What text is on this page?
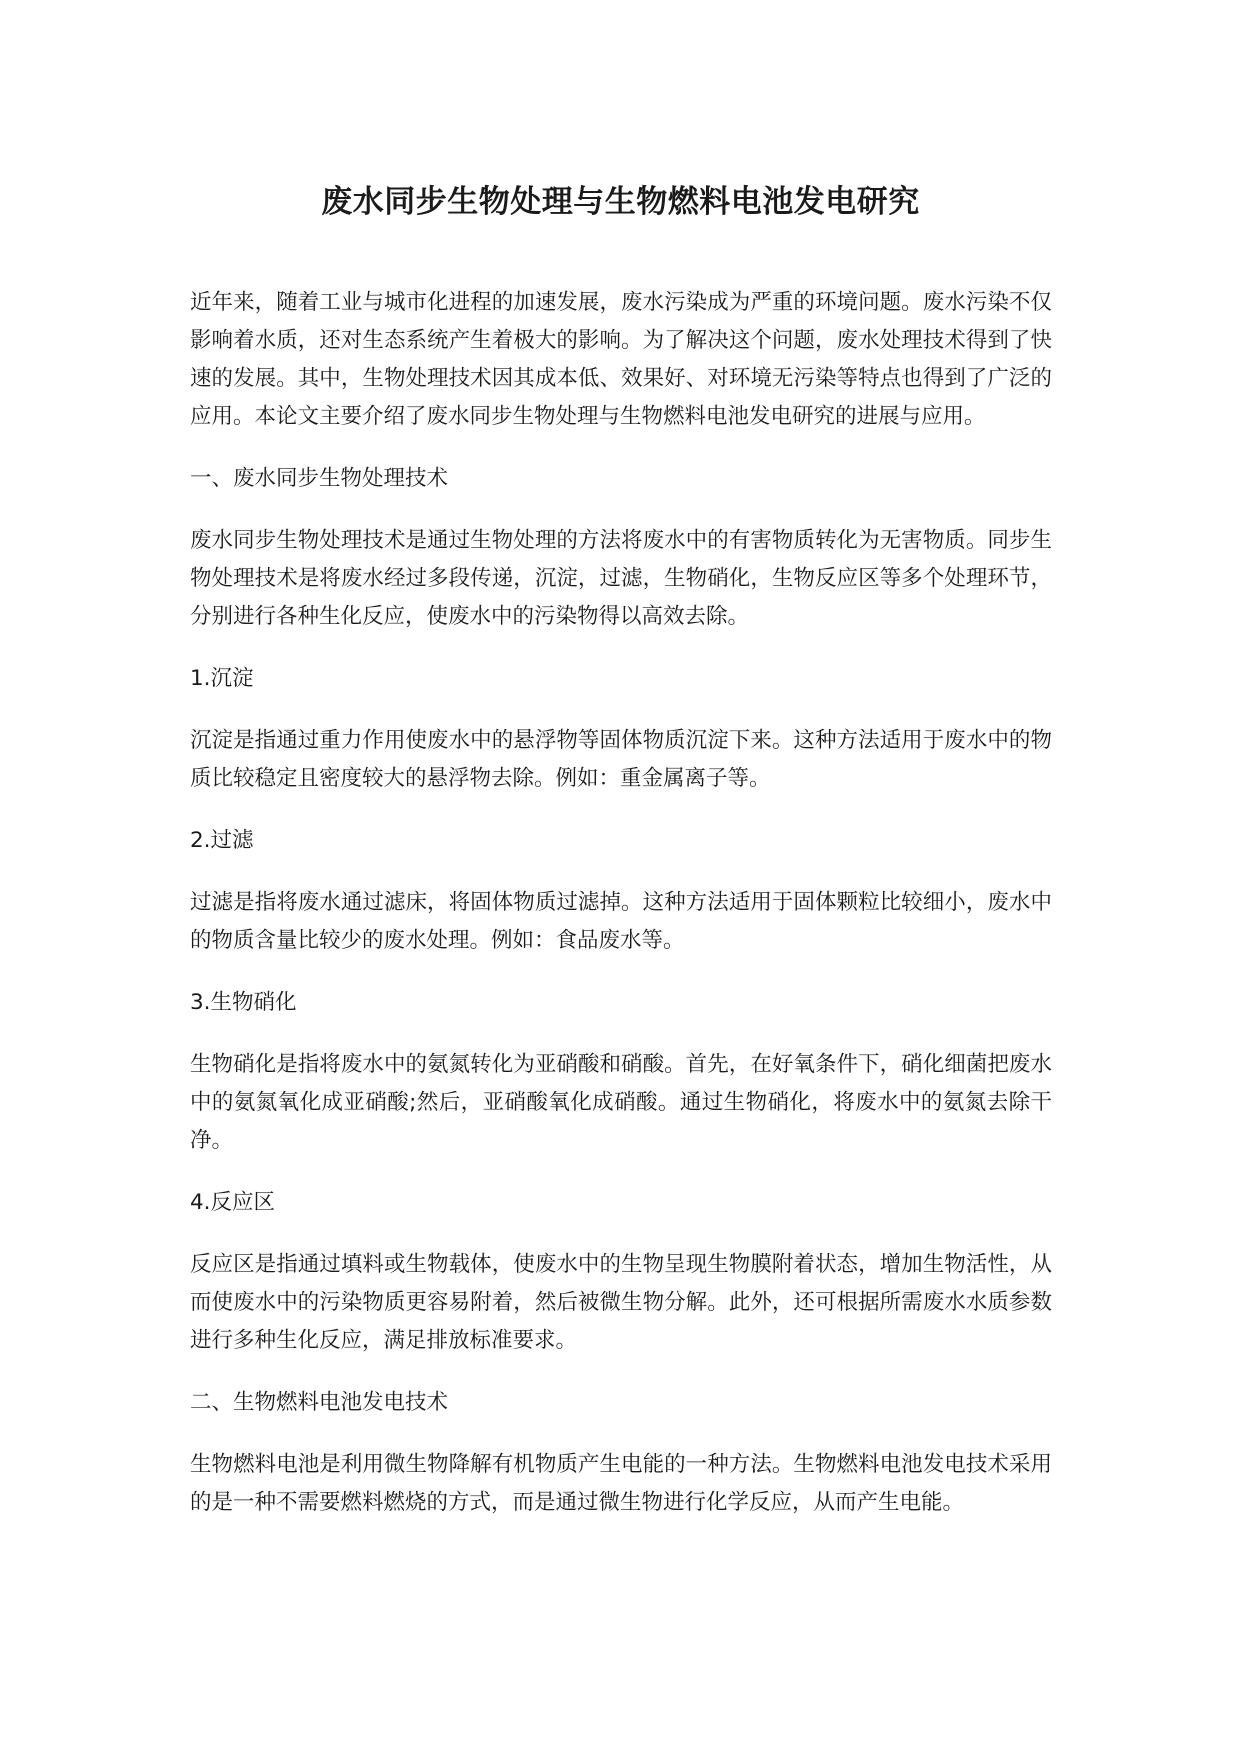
废水同步生物处理与生物燃料电池发电研究

近年来，随着工业与城市化进程的加速发展，废水污染成为严重的环境问题。废水污染不仅影响着水质，还对生态系统产生着极大的影响。为了解决这个问题，废水处理技术得到了快速的发展。其中，生物处理技术因其成本低、效果好、对环境无污染等特点也得到了广泛的应用。本论文主要介绍了废水同步生物处理与生物燃料电池发电研究的进展与应用。

一、废水同步生物处理技术

废水同步生物处理技术是通过生物处理的方法将废水中的有害物质转化为无害物质。同步生物处理技术是将废水经过多段传递，沉淀，过滤，生物硝化，生物反应区等多个处理环节，分别进行各种生化反应，使废水中的污染物得以高效去除。

1.沉淀

沉淀是指通过重力作用使废水中的悬浮物等固体物质沉淀下来。这种方法适用于废水中的物质比较稳定且密度较大的悬浮物去除。例如：重金属离子等。

2.过滤

过滤是指将废水通过滤床，将固体物质过滤掉。这种方法适用于固体颗粒比较细小，废水中的物质含量比较少的废水处理。例如：食品废水等。

3.生物硝化

生物硝化是指将废水中的氨氮转化为亚硝酸和硝酸。首先，在好氧条件下，硝化细菌把废水中的氨氮氧化成亚硝酸;然后，亚硝酸氧化成硝酸。通过生物硝化，将废水中的氨氮去除干净。

4.反应区

反应区是指通过填料或生物载体，使废水中的生物呈现生物膜附着状态，增加生物活性，从而使废水中的污染物质更容易附着，然后被微生物分解。此外，还可根据所需废水水质参数进行多种生化反应，满足排放标准要求。

二、生物燃料电池发电技术

生物燃料电池是利用微生物降解有机物质产生电能的一种方法。生物燃料电池发电技术采用的是一种不需要燃料燃烧的方式，而是通过微生物进行化学反应，从而产生电能。
